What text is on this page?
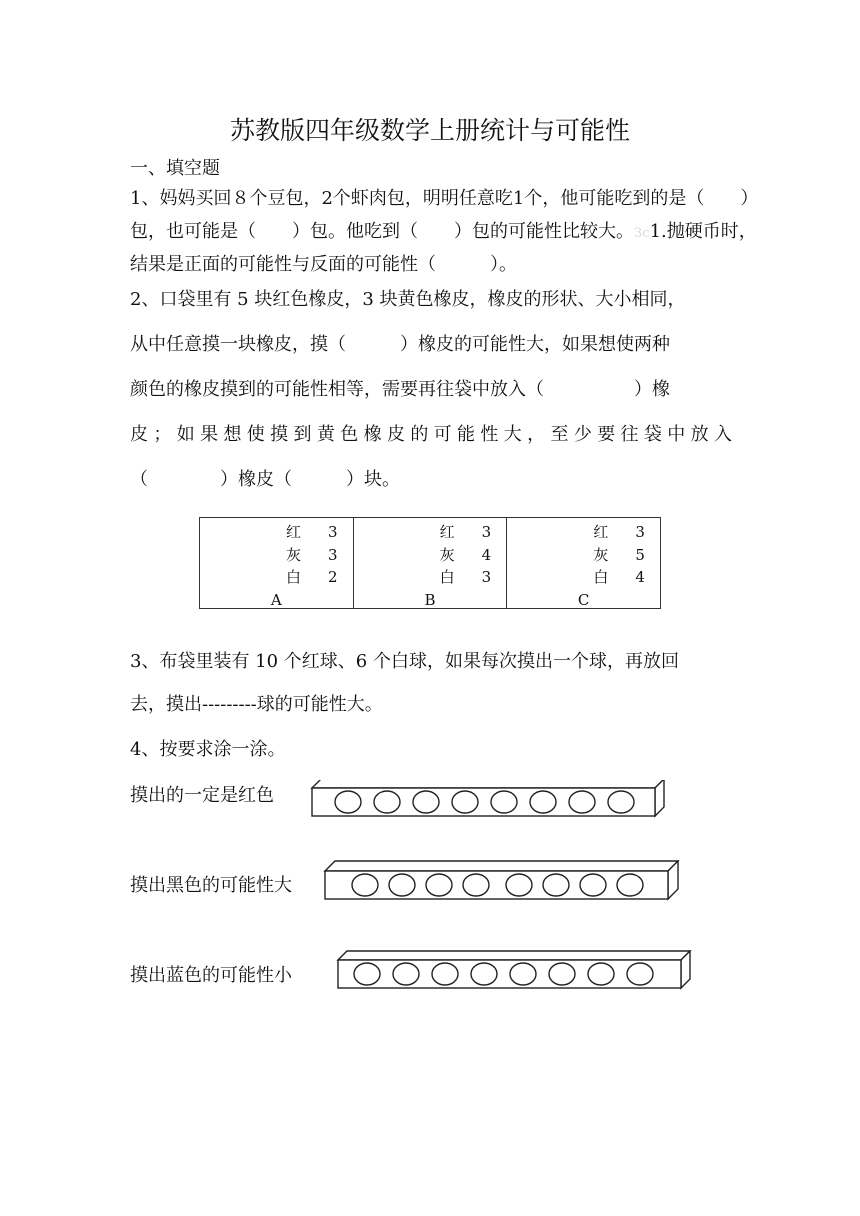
苏教版四年级数学上册统计与可能性
一、填空题
1、妈妈买回８个豆包，2个虾肉包，明明任意吃1个，他可能吃到的是（　　）
包，也可能是（　　）包。他吃到（　　）包的可能性比较大。3c1.抛硬币时，
结果是正面的可能性与反面的可能性（　　　）。
2、口袋里有 5 块红色橡皮，3 块黄色橡皮，橡皮的形状、大小相同，
从中任意摸一块橡皮，摸（　　　）橡皮的可能性大，如果想使两种
颜色的橡皮摸到的可能性相等，需要再往袋中放入（　　　　　）橡
皮；如果想使摸到黄色橡皮的可能性大，至少要往袋中放入
（　　　　）橡皮（　　　）块。
红 3
灰 3
白 2
A

红 3
灰 4
白 3
B

红 3
灰 5
白 4
C
3、布袋里装有 10 个红球、6 个白球，如果每次摸出一个球，再放回
去，摸出---------球的可能性大。
4、按要求涂一涂。
摸出的一定是红色
摸出黑色的可能性大
摸出蓝色的可能性小
